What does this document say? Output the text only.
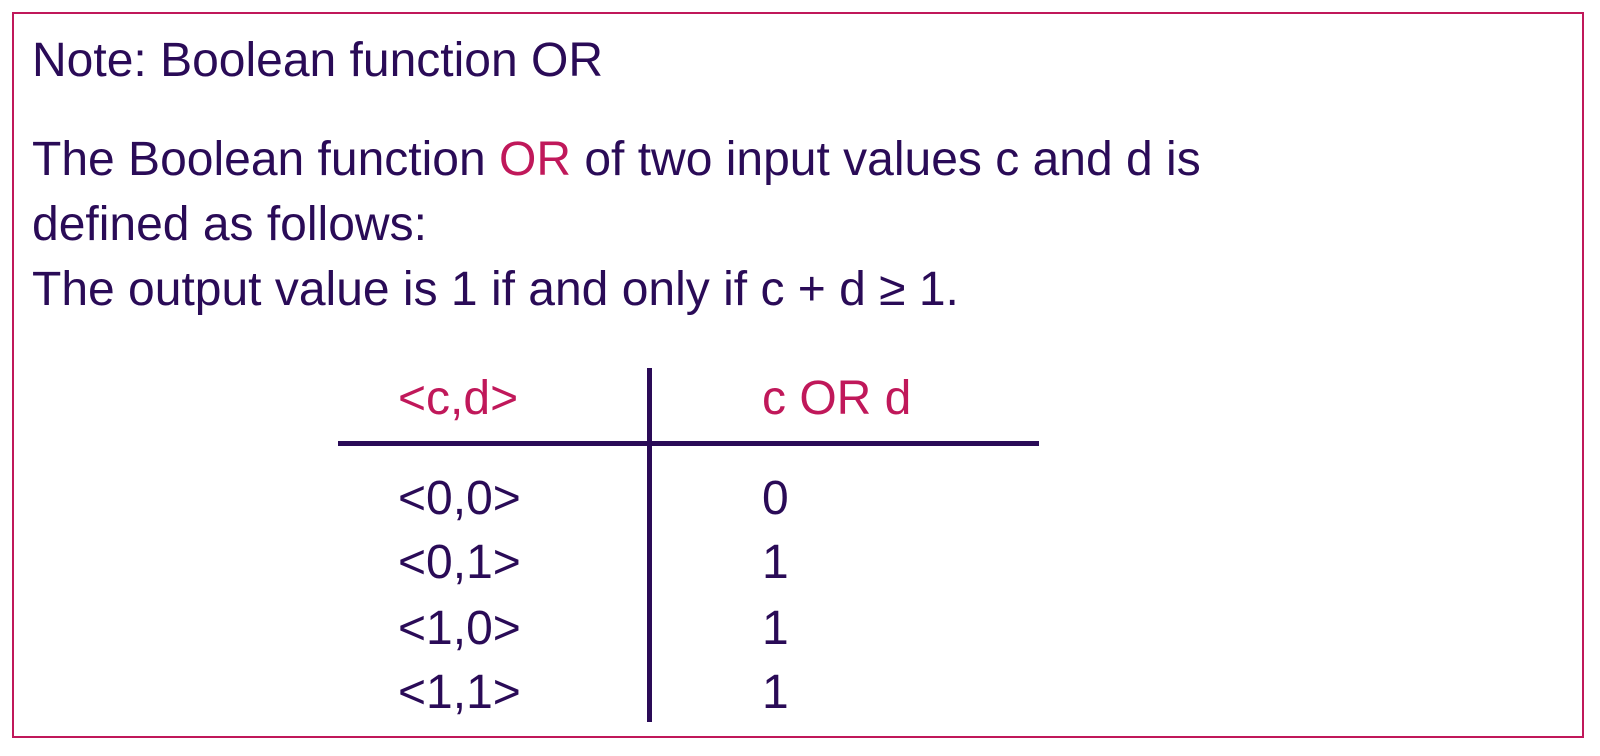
Note: Boolean function OR
The Boolean function OR of two input values c and d is
defined as follows:
The output value is 1 if and only if c + d ≥ 1.
<c,d>	c OR d
<0,0>	0
<0,1>	1
<1,0>	1
<1,1>	1
